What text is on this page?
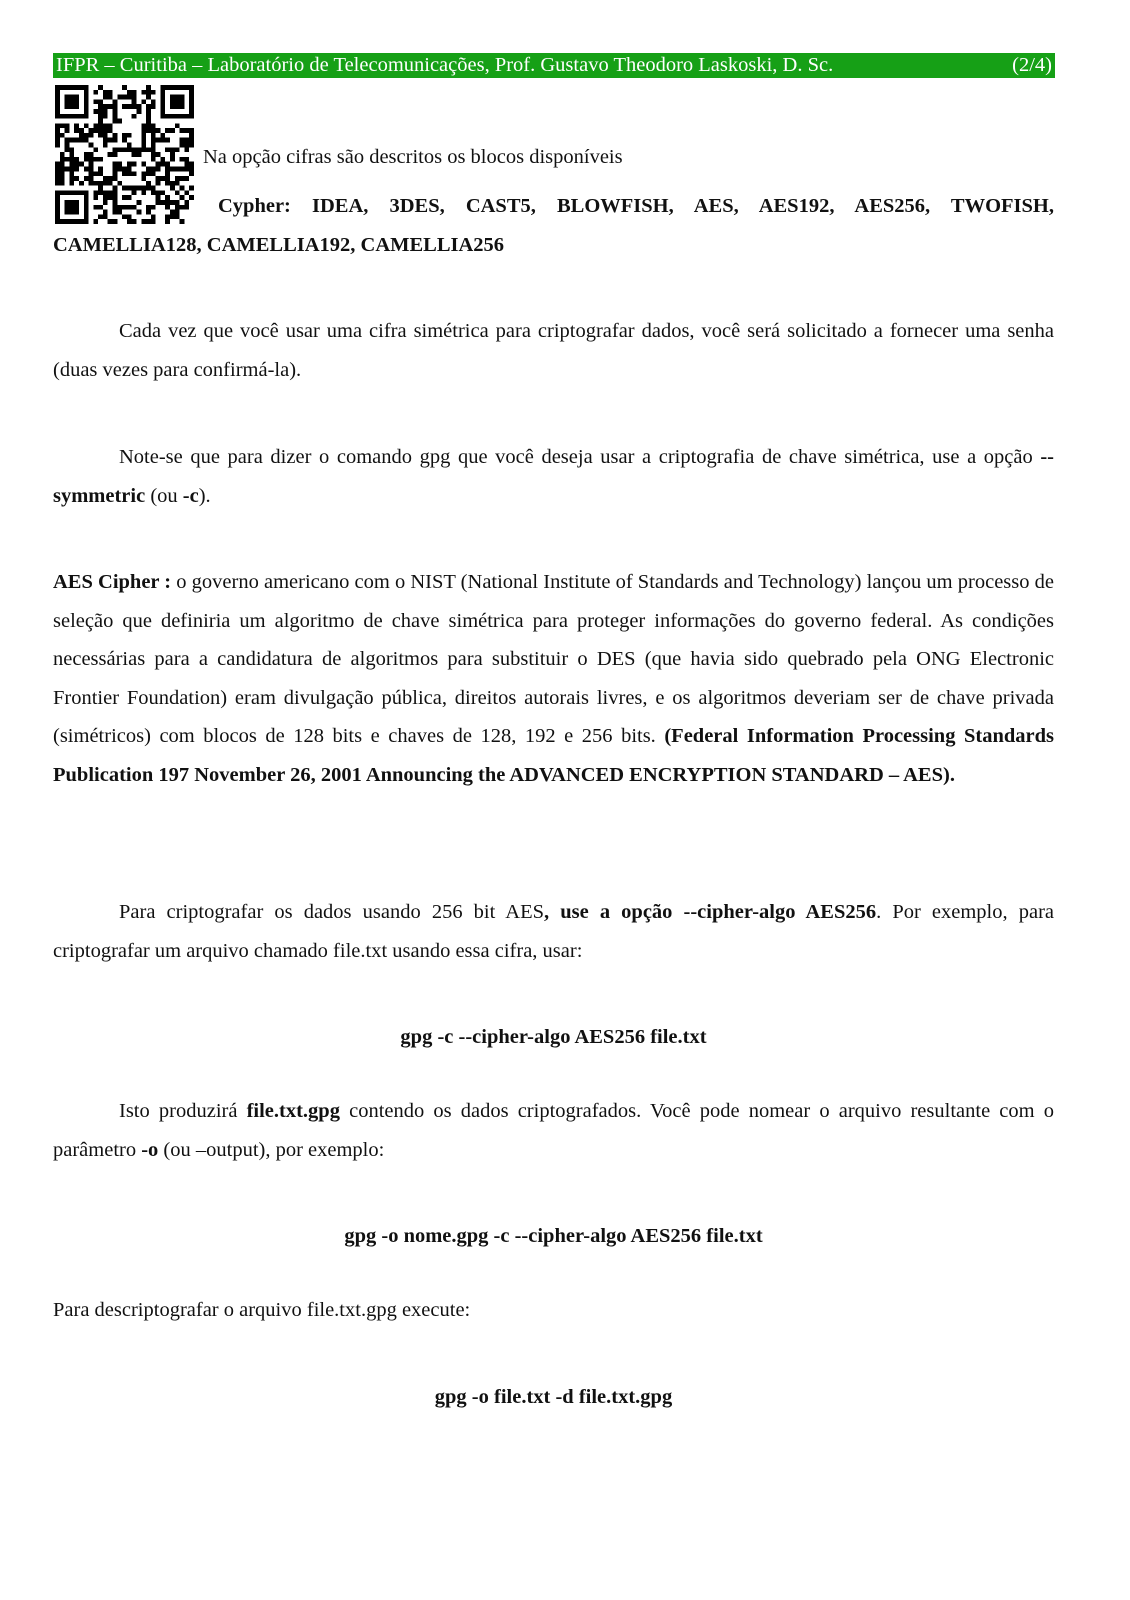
IFPR – Curitiba – Laboratório de Telecomunicações, Prof. Gustavo Theodoro Laskoski, D. Sc.	(2/4)
Na opção cifras são descritos os blocos disponíveis
Cypher: IDEA, 3DES, CAST5, BLOWFISH, AES, AES192, AES256, TWOFISH, CAMELLIA128, CAMELLIA192, CAMELLIA256
Cada vez que você usar uma cifra simétrica para criptografar dados, você será solicitado a fornecer uma senha (duas vezes para confirmá-la).
Note-se que para dizer o comando gpg que você deseja usar a criptografia de chave simétrica, use a opção --symmetric (ou -c).
AES Cipher : o governo americano com o NIST (National Institute of Standards and Technology) lançou um processo de seleção que definiria um algoritmo de chave simétrica para proteger informações do governo federal. As condições necessárias para a candidatura de algoritmos para substituir o DES (que havia sido quebrado pela ONG Electronic Frontier Foundation) eram divulgação pública, direitos autorais livres, e os algoritmos deveriam ser de chave privada (simétricos) com blocos de 128 bits e chaves de 128, 192 e 256 bits. (Federal Information Processing Standards Publication 197 November 26, 2001 Announcing the ADVANCED ENCRYPTION STANDARD – AES).
Para criptografar os dados usando 256 bit AES, use a opção --cipher-algo AES256. Por exemplo, para criptografar um arquivo chamado file.txt usando essa cifra, usar:
gpg -c --cipher-algo AES256 file.txt
Isto produzirá file.txt.gpg contendo os dados criptografados. Você pode nomear o arquivo resultante com o parâmetro -o (ou –output), por exemplo:
gpg -o nome.gpg -c --cipher-algo AES256 file.txt
Para descriptografar o arquivo file.txt.gpg execute:
gpg -o file.txt -d file.txt.gpg
